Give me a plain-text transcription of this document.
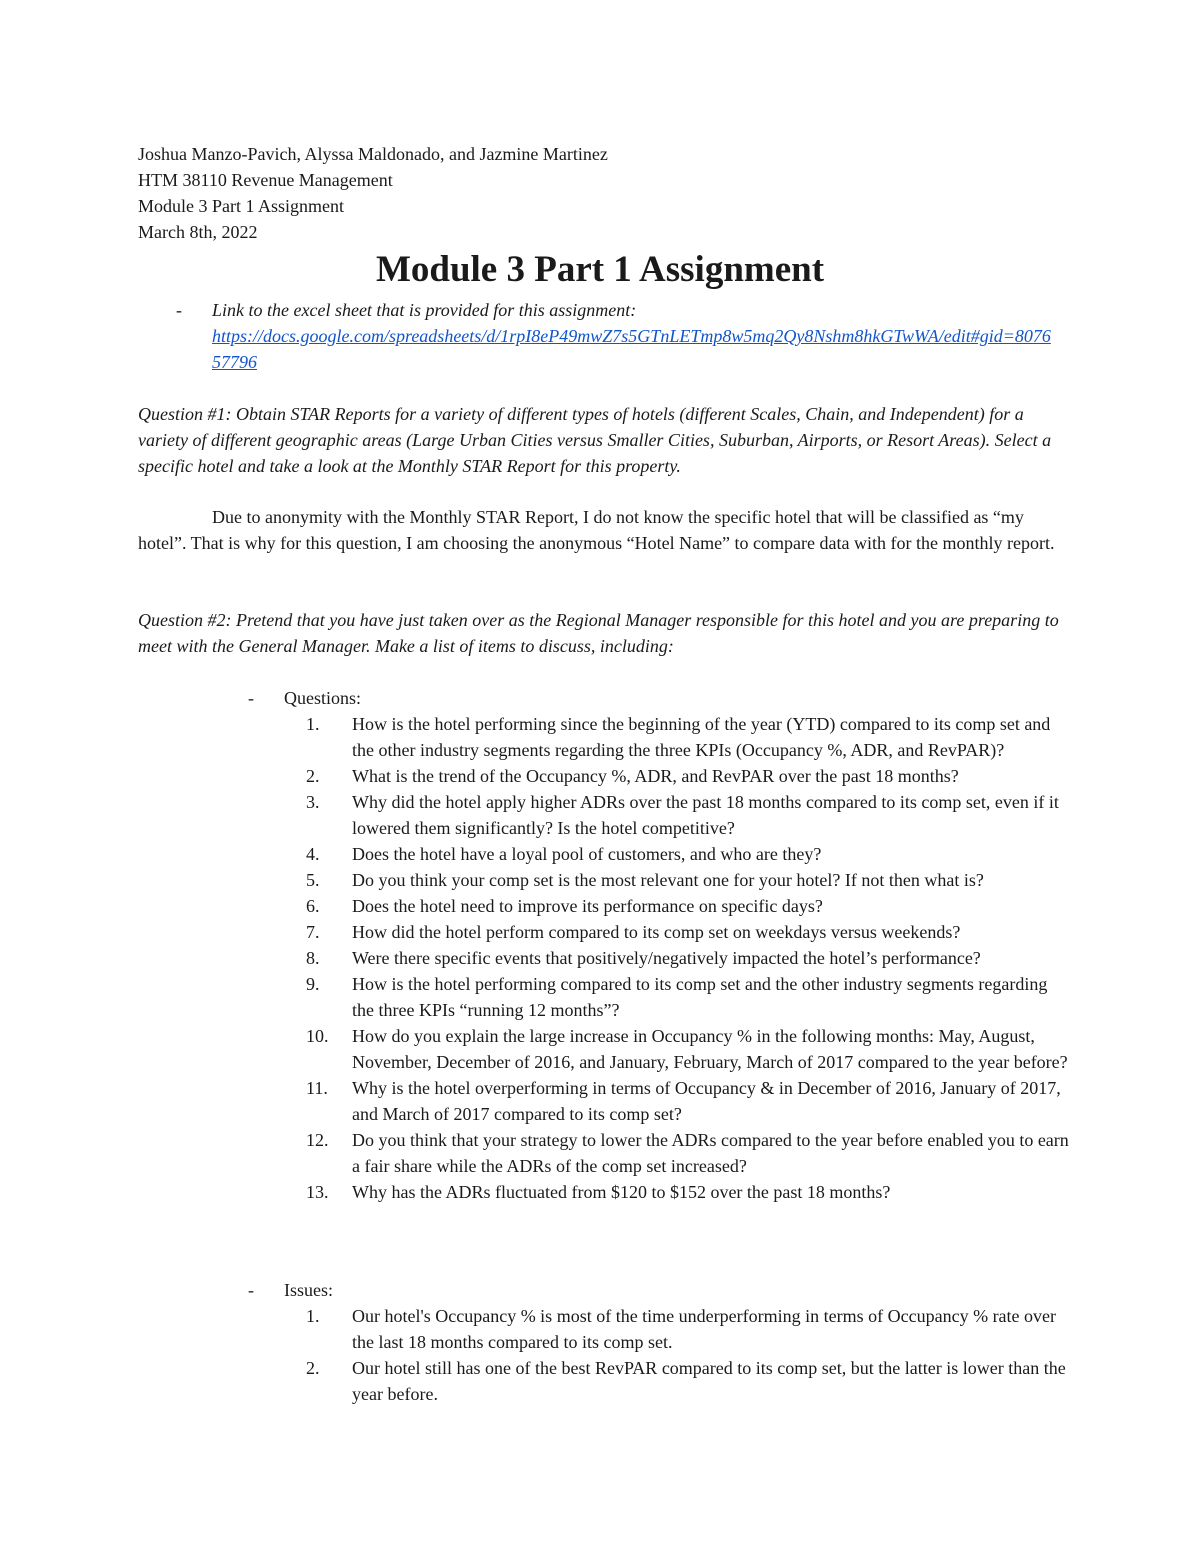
Joshua Manzo-Pavich, Alyssa Maldonado, and Jazmine Martinez
HTM 38110 Revenue Management
Module 3 Part 1 Assignment
March 8th, 2022
Module 3 Part 1 Assignment
- Link to the excel sheet that is provided for this assignment:
https://docs.google.com/spreadsheets/d/1rpI8eP49mwZ7s5GTnLETmp8w5mq2Qy8Nshm8hkGTwWA/edit#gid=807657796
Question #1: Obtain STAR Reports for a variety of different types of hotels (different Scales, Chain, and Independent) for a variety of different geographic areas (Large Urban Cities versus Smaller Cities, Suburban, Airports, or Resort Areas). Select a specific hotel and take a look at the Monthly STAR Report for this property.
Due to anonymity with the Monthly STAR Report, I do not know the specific hotel that will be classified as “my hotel”. That is why for this question, I am choosing the anonymous “Hotel Name” to compare data with for the monthly report.
Question #2: Pretend that you have just taken over as the Regional Manager responsible for this hotel and you are preparing to meet with the General Manager. Make a list of items to discuss, including:
- Questions:
1.	How is the hotel performing since the beginning of the year (YTD) compared to its comp set and the other industry segments regarding the three KPIs (Occupancy %, ADR, and RevPAR)?
2.	What is the trend of the Occupancy %, ADR, and RevPAR over the past 18 months?
3.	Why did the hotel apply higher ADRs over the past 18 months compared to its comp set, even if it lowered them significantly? Is the hotel competitive?
4.	Does the hotel have a loyal pool of customers, and who are they?
5.	Do you think your comp set is the most relevant one for your hotel? If not then what is?
6.	Does the hotel need to improve its performance on specific days?
7.	How did the hotel perform compared to its comp set on weekdays versus weekends?
8.	Were there specific events that positively/negatively impacted the hotel’s performance?
9.	How is the hotel performing compared to its comp set and the other industry segments regarding the three KPIs “running 12 months”?
10.	How do you explain the large increase in Occupancy % in the following months: May, August, November, December of 2016, and January, February, March of 2017 compared to the year before?
11.	Why is the hotel overperforming in terms of Occupancy & in December of 2016, January of 2017, and March of 2017 compared to its comp set?
12.	Do you think that your strategy to lower the ADRs compared to the year before enabled you to earn a fair share while the ADRs of the comp set increased?
13.	Why has the ADRs fluctuated from $120 to $152 over the past 18 months?
- Issues:
1.	Our hotel's Occupancy % is most of the time underperforming in terms of Occupancy % rate over the last 18 months compared to its comp set.
2.	Our hotel still has one of the best RevPAR compared to its comp set, but the latter is lower than the year before.
